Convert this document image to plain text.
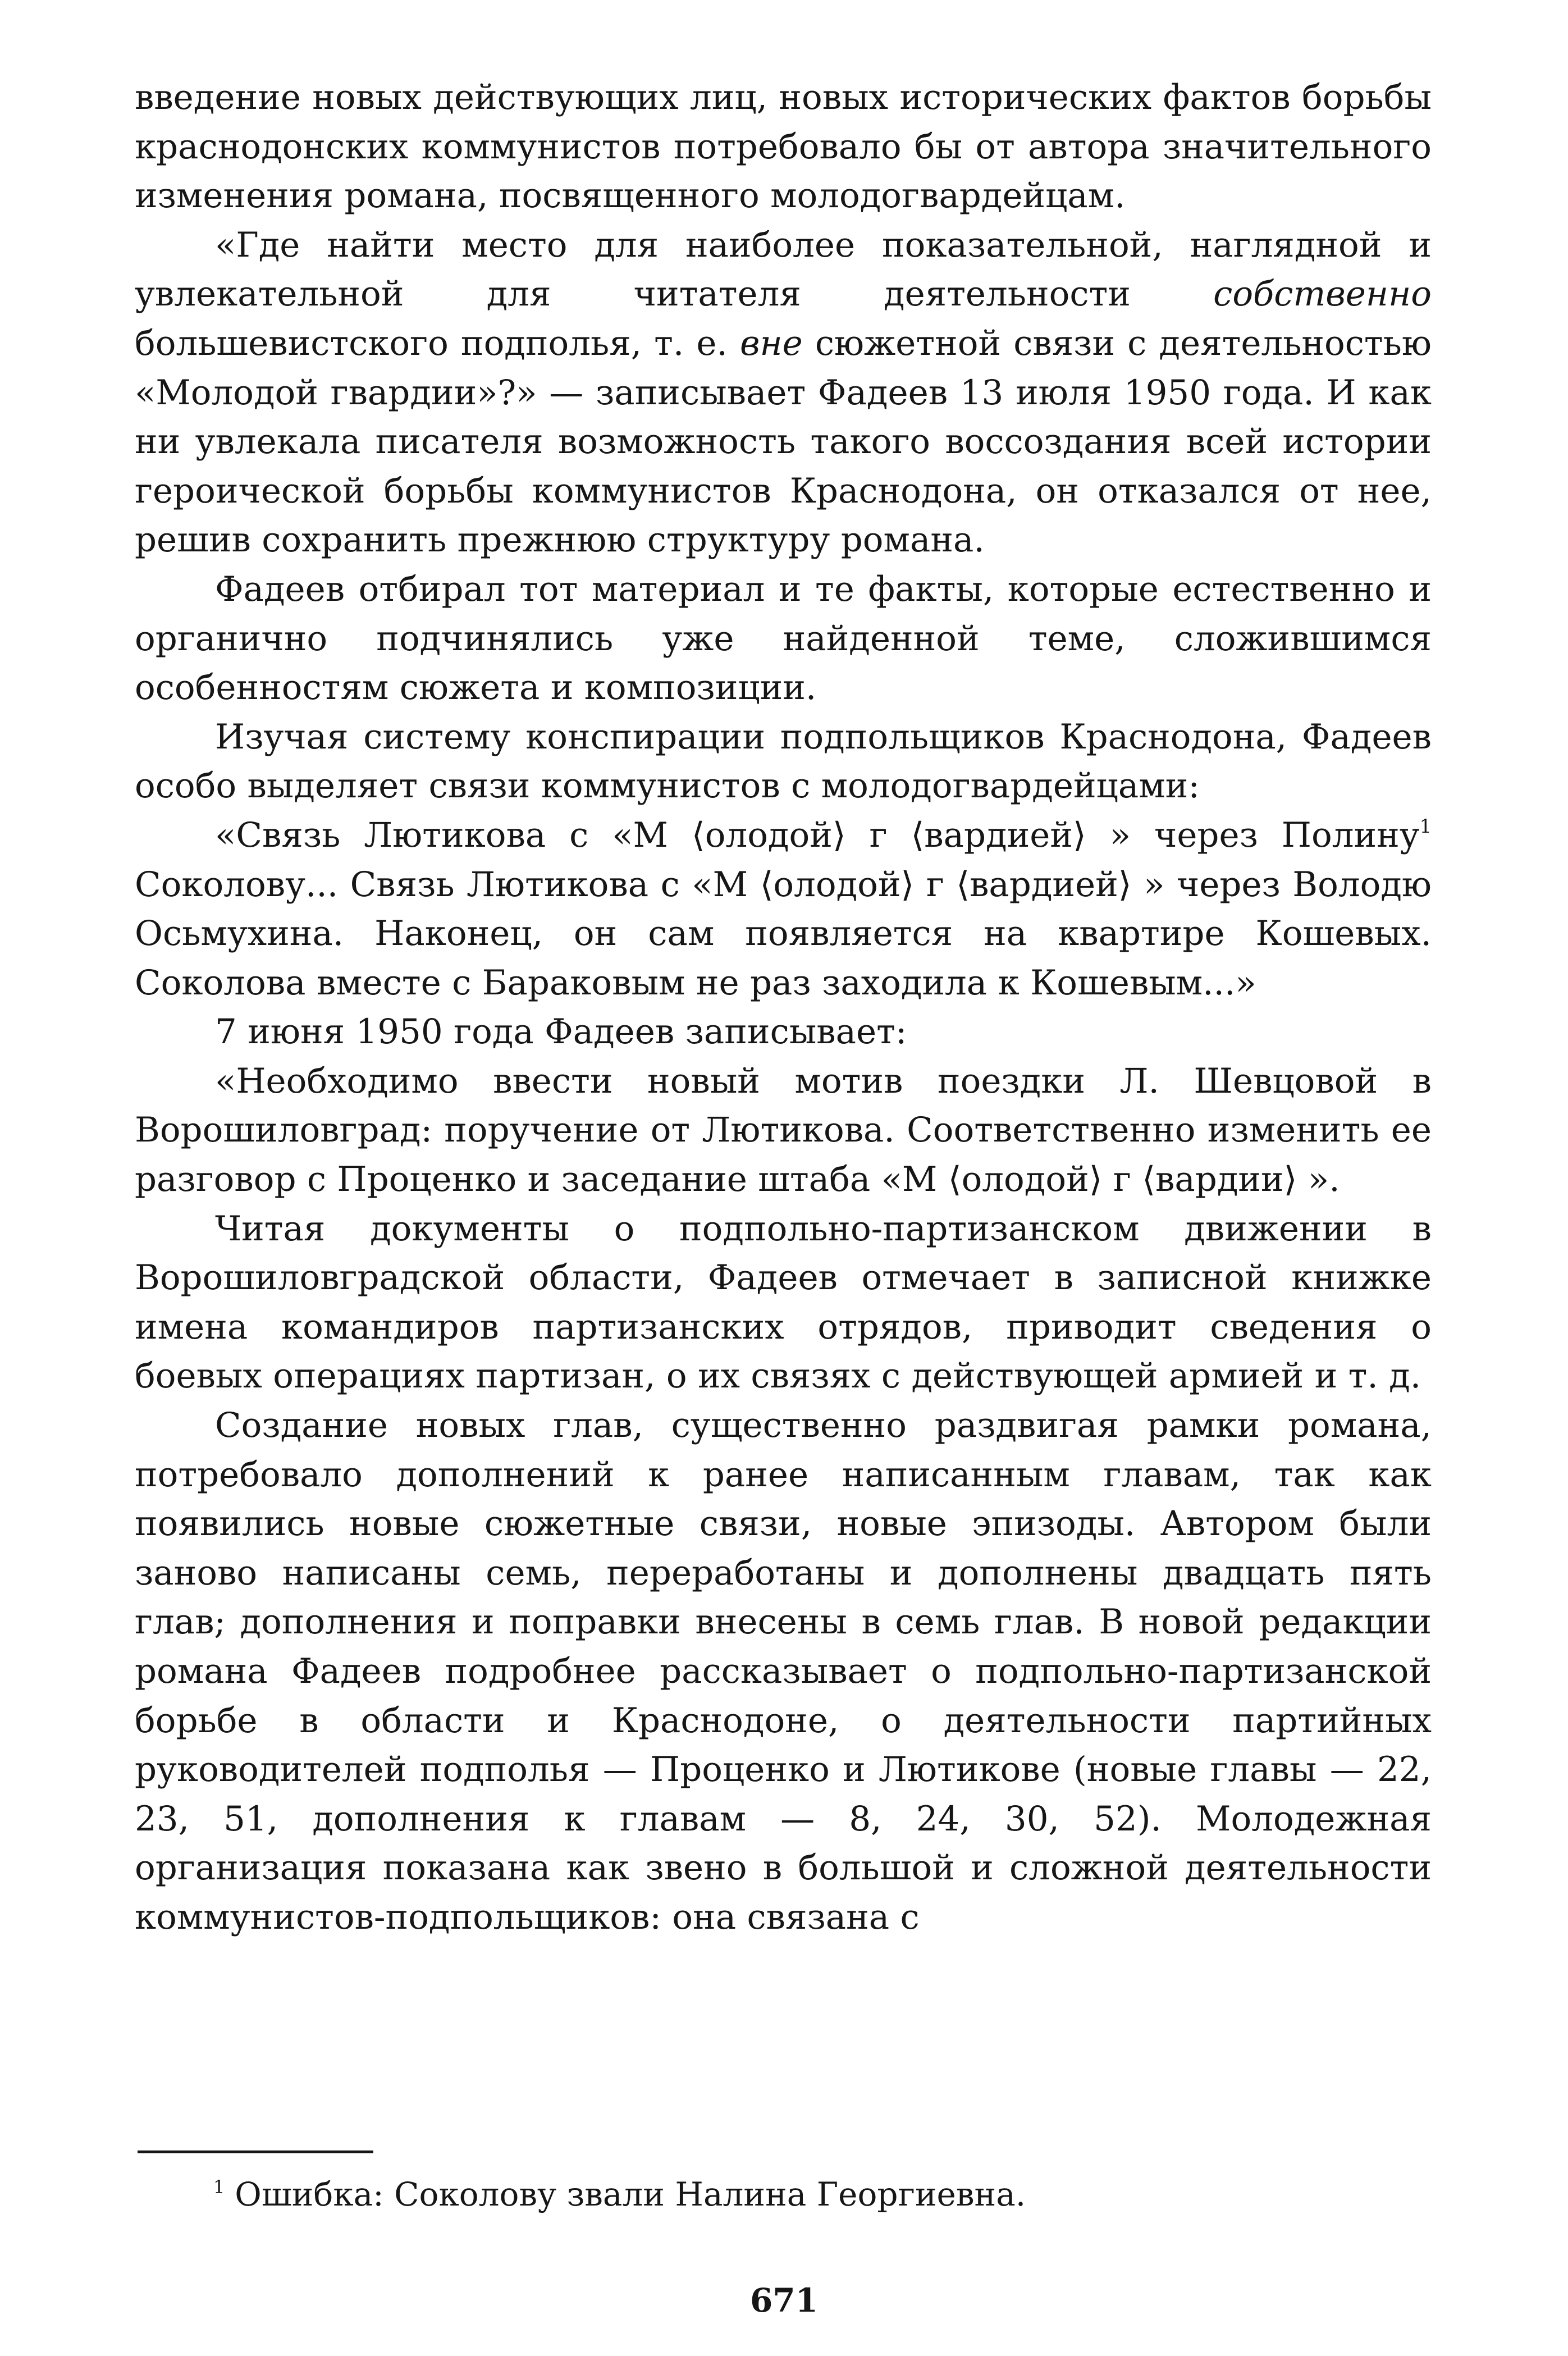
введение новых действующих лиц, новых исторических фактов борьбы краснодонских коммунистов потребовало бы от автора значительного изменения романа, посвященного молодогвардейцам.

«Где найти место для наиболее показательной, наглядной и увлекательной для читателя деятельности собственно большевистского подполья, т. е. вне сюжетной связи с деятельностью «Молодой гвардии»?» — записывает Фадеев 13 июля 1950 года. И как ни увлекала писателя возможность такого воссоздания всей истории героической борьбы коммунистов Краснодона, он отказался от нее, решив сохранить прежнюю структуру романа.

Фадеев отбирал тот материал и те факты, которые естественно и органично подчинялись уже найденной теме, сложившимся особенностям сюжета и композиции.

Изучая систему конспирации подпольщиков Краснодона, Фадеев особо выделяет связи коммунистов с молодогвардейцами:

«Связь Лютикова с «М ⟨олодой⟩ г ⟨вардией⟩ » через Полину$^1$ Соколову... Связь Лютикова с «М ⟨олодой⟩ г ⟨вардией⟩ » через Володю Осьмухина. Наконец, он сам появляется на квартире Кошевых. Соколова вместе с Бараковым не раз заходила к Кошевым...»

7 июня 1950 года Фадеев записывает:

«Необходимо ввести новый мотив поездки Л. Шевцовой в Ворошиловград: поручение от Лютикова. Соответственно изменить ее разговор с Проценко и заседание штаба «М ⟨олодой⟩ г ⟨вардии⟩ ».

Читая документы о подпольно-партизанском движении в Ворошиловградской области, Фадеев отмечает в записной книжке имена командиров партизанских отрядов, приводит сведения о боевых операциях партизан, о их связях с действующей армией и т. д.

Создание новых глав, существенно раздвигая рамки романа, потребовало дополнений к ранее написанным главам, так как появились новые сюжетные связи, новые эпизоды. Автором были заново написаны семь, переработаны и дополнены двадцать пять глав; дополнения и поправки внесены в семь глав. В новой редакции романа Фадеев подробнее рассказывает о подпольно-партизанской борьбе в области и Краснодоне, о деятельности партийных руководителей подполья — Проценко и Лютикове (новые главы — 22, 23, 51, дополнения к главам — 8, 24, 30, 52). Молодежная организация показана как звено в большой и сложной деятельности коммунистов-подпольщиков: она связана с

$^1$ Ошибка: Соколову звали Налина Георгиевна.
671
